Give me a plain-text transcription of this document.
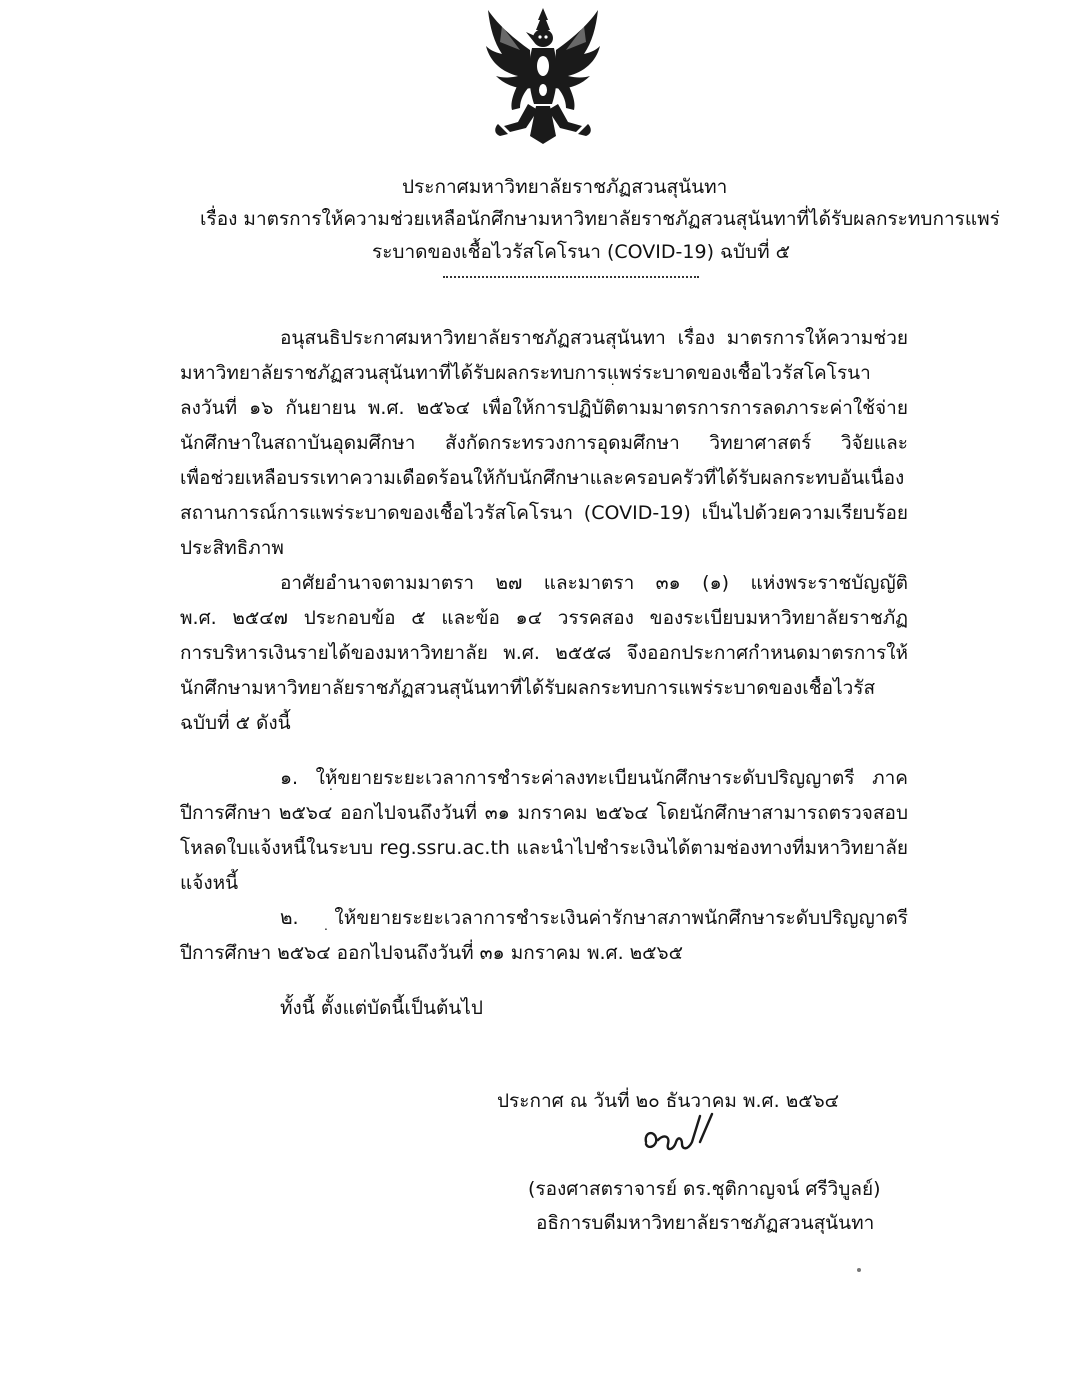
ประกาศมหาวิทยาลัยราชภัฏสวนสุนันทา
เรื่อง มาตรการให้ความช่วยเหลือนักศึกษามหาวิทยาลัยราชภัฏสวนสุนันทาที่ได้รับผลกระทบการแพร่
ระบาดของเชื้อไวรัสโคโรนา (COVID-19) ฉบับที่ ๕
อนุสนธิประกาศมหาวิทยาลัยราชภัฏสวนสุนันทา เรื่อง มาตรการให้ความช่วย
มหาวิทยาลัยราชภัฏสวนสุนันทาที่ได้รับผลกระทบการแพร่ระบาดของเชื้อไวรัสโคโรนา
ลงวันที่ ๑๖ กันยายน พ.ศ. ๒๕๖๔ เพื่อให้การปฏิบัติตามมาตรการการลดภาระค่าใช้จ่าย
นักศึกษาในสถาบันอุดมศึกษา สังกัดกระทรวงการอุดมศึกษา วิทยาศาสตร์ วิจัยและ
เพื่อช่วยเหลือบรรเทาความเดือดร้อนให้กับนักศึกษาและครอบครัวที่ได้รับผลกระทบอันเนื่อง
สถานการณ์การแพร่ระบาดของเชื้อไวรัสโคโรนา (COVID-19) เป็นไปด้วยความเรียบร้อย
ประสิทธิภาพ
อาศัยอำนาจตามมาตรา ๒๗ และมาตรา ๓๑ (๑) แห่งพระราชบัญญัติ
พ.ศ. ๒๕๔๗ ประกอบข้อ ๕ และข้อ ๑๔ วรรคสอง ของระเบียบมหาวิทยาลัยราชภัฏ
การบริหารเงินรายได้ของมหาวิทยาลัย พ.ศ. ๒๕๕๘ จึงออกประกาศกำหนดมาตรการให้
นักศึกษามหาวิทยาลัยราชภัฏสวนสุนันทาที่ได้รับผลกระทบการแพร่ระบาดของเชื้อไวรัส
ฉบับที่ ๕ ดังนี้
๑. ให้ขยายระยะเวลาการชำระค่าลงทะเบียนนักศึกษาระดับปริญญาตรี ภาค
ปีการศึกษา ๒๕๖๔ ออกไปจนถึงวันที่ ๓๑ มกราคม ๒๕๖๔ โดยนักศึกษาสามารถตรวจสอบ
โหลดใบแจ้งหนี้ในระบบ reg.ssru.ac.th และนำไปชำระเงินได้ตามช่องทางที่มหาวิทยาลัย
แจ้งหนี้
๒. ให้ขยายระยะเวลาการชำระเงินค่ารักษาสภาพนักศึกษาระดับปริญญาตรี
ปีการศึกษา ๒๕๖๔ ออกไปจนถึงวันที่ ๓๑ มกราคม พ.ศ. ๒๕๖๕
ทั้งนี้ ตั้งแต่บัดนี้เป็นต้นไป
ประกาศ ณ วันที่ ๒๐ ธันวาคม พ.ศ. ๒๕๖๔
(รองศาสตราจารย์ ดร.ชุติกาญจน์ ศรีวิบูลย์)
อธิการบดีมหาวิทยาลัยราชภัฏสวนสุนันทา
